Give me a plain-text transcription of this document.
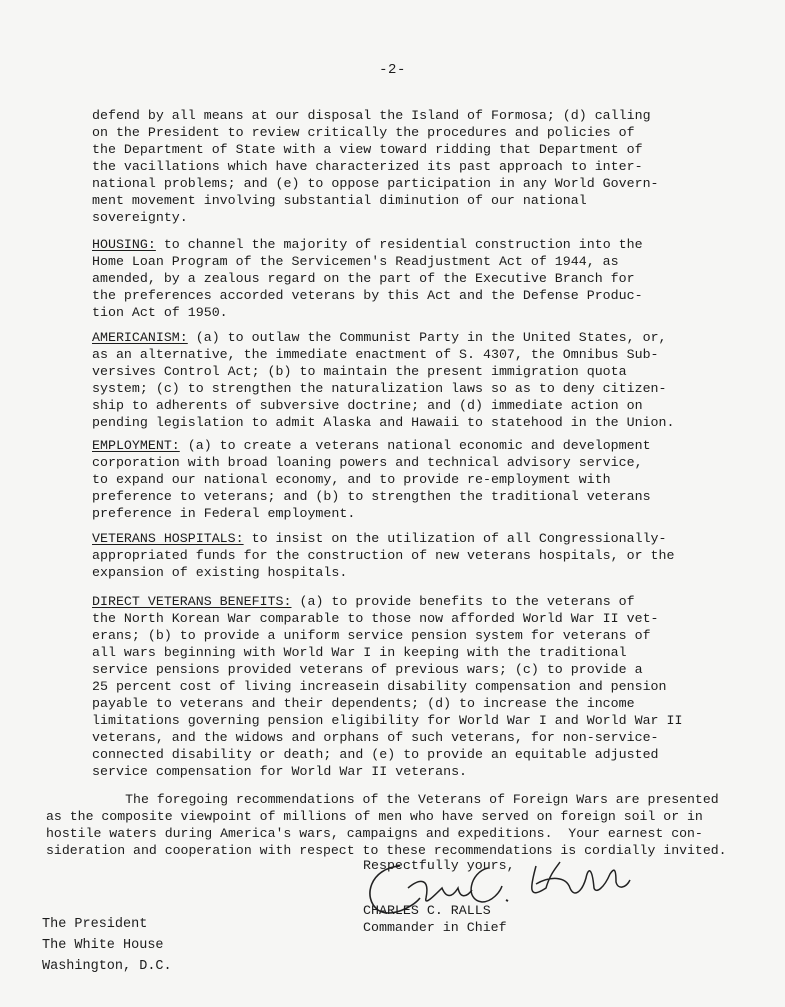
-2-
defend by all means at our disposal the Island of Formosa; (d) calling
on the President to review critically the procedures and policies of
the Department of State with a view toward ridding that Department of
the vacillations which have characterized its past approach to inter-
national problems; and (e) to oppose participation in any World Govern-
ment movement involving substantial diminution of our national
sovereignty.
HOUSING: to channel the majority of residential construction into the
Home Loan Program of the Servicemen's Readjustment Act of 1944, as
amended, by a zealous regard on the part of the Executive Branch for
the preferences accorded veterans by this Act and the Defense Produc-
tion Act of 1950.
AMERICANISM: (a) to outlaw the Communist Party in the United States, or,
as an alternative, the immediate enactment of S. 4307, the Omnibus Sub-
versives Control Act; (b) to maintain the present immigration quota
system; (c) to strengthen the naturalization laws so as to deny citizen-
ship to adherents of subversive doctrine; and (d) immediate action on
pending legislation to admit Alaska and Hawaii to statehood in the Union.
EMPLOYMENT: (a) to create a veterans national economic and development
corporation with broad loaning powers and technical advisory service,
to expand our national economy, and to provide re-employment with
preference to veterans; and (b) to strengthen the traditional veterans
preference in Federal employment.
VETERANS HOSPITALS: to insist on the utilization of all Congressionally-
appropriated funds for the construction of new veterans hospitals, or the
expansion of existing hospitals.
DIRECT VETERANS BENEFITS: (a) to provide benefits to the veterans of
the North Korean War comparable to those now afforded World War II vet-
erans; (b) to provide a uniform service pension system for veterans of
all wars beginning with World War I in keeping with the traditional
service pensions provided veterans of previous wars; (c) to provide a
25 percent cost of living increasein disability compensation and pension
payable to veterans and their dependents; (d) to increase the income
limitations governing pension eligibility for World War I and World War II
veterans, and the widows and orphans of such veterans, for non-service-
connected disability or death; and (e) to provide an equitable adjusted
service compensation for World War II veterans.
The foregoing recommendations of the Veterans of Foreign Wars are presented
as the composite viewpoint of millions of men who have served on foreign soil or in
hostile waters during America's wars, campaigns and expeditions.  Your earnest con-
sideration and cooperation with respect to these recommendations is cordially invited.
Respectfully yours,
CHARLES C. RALLS
Commander in Chief
The President
The White House
Washington, D.C.
